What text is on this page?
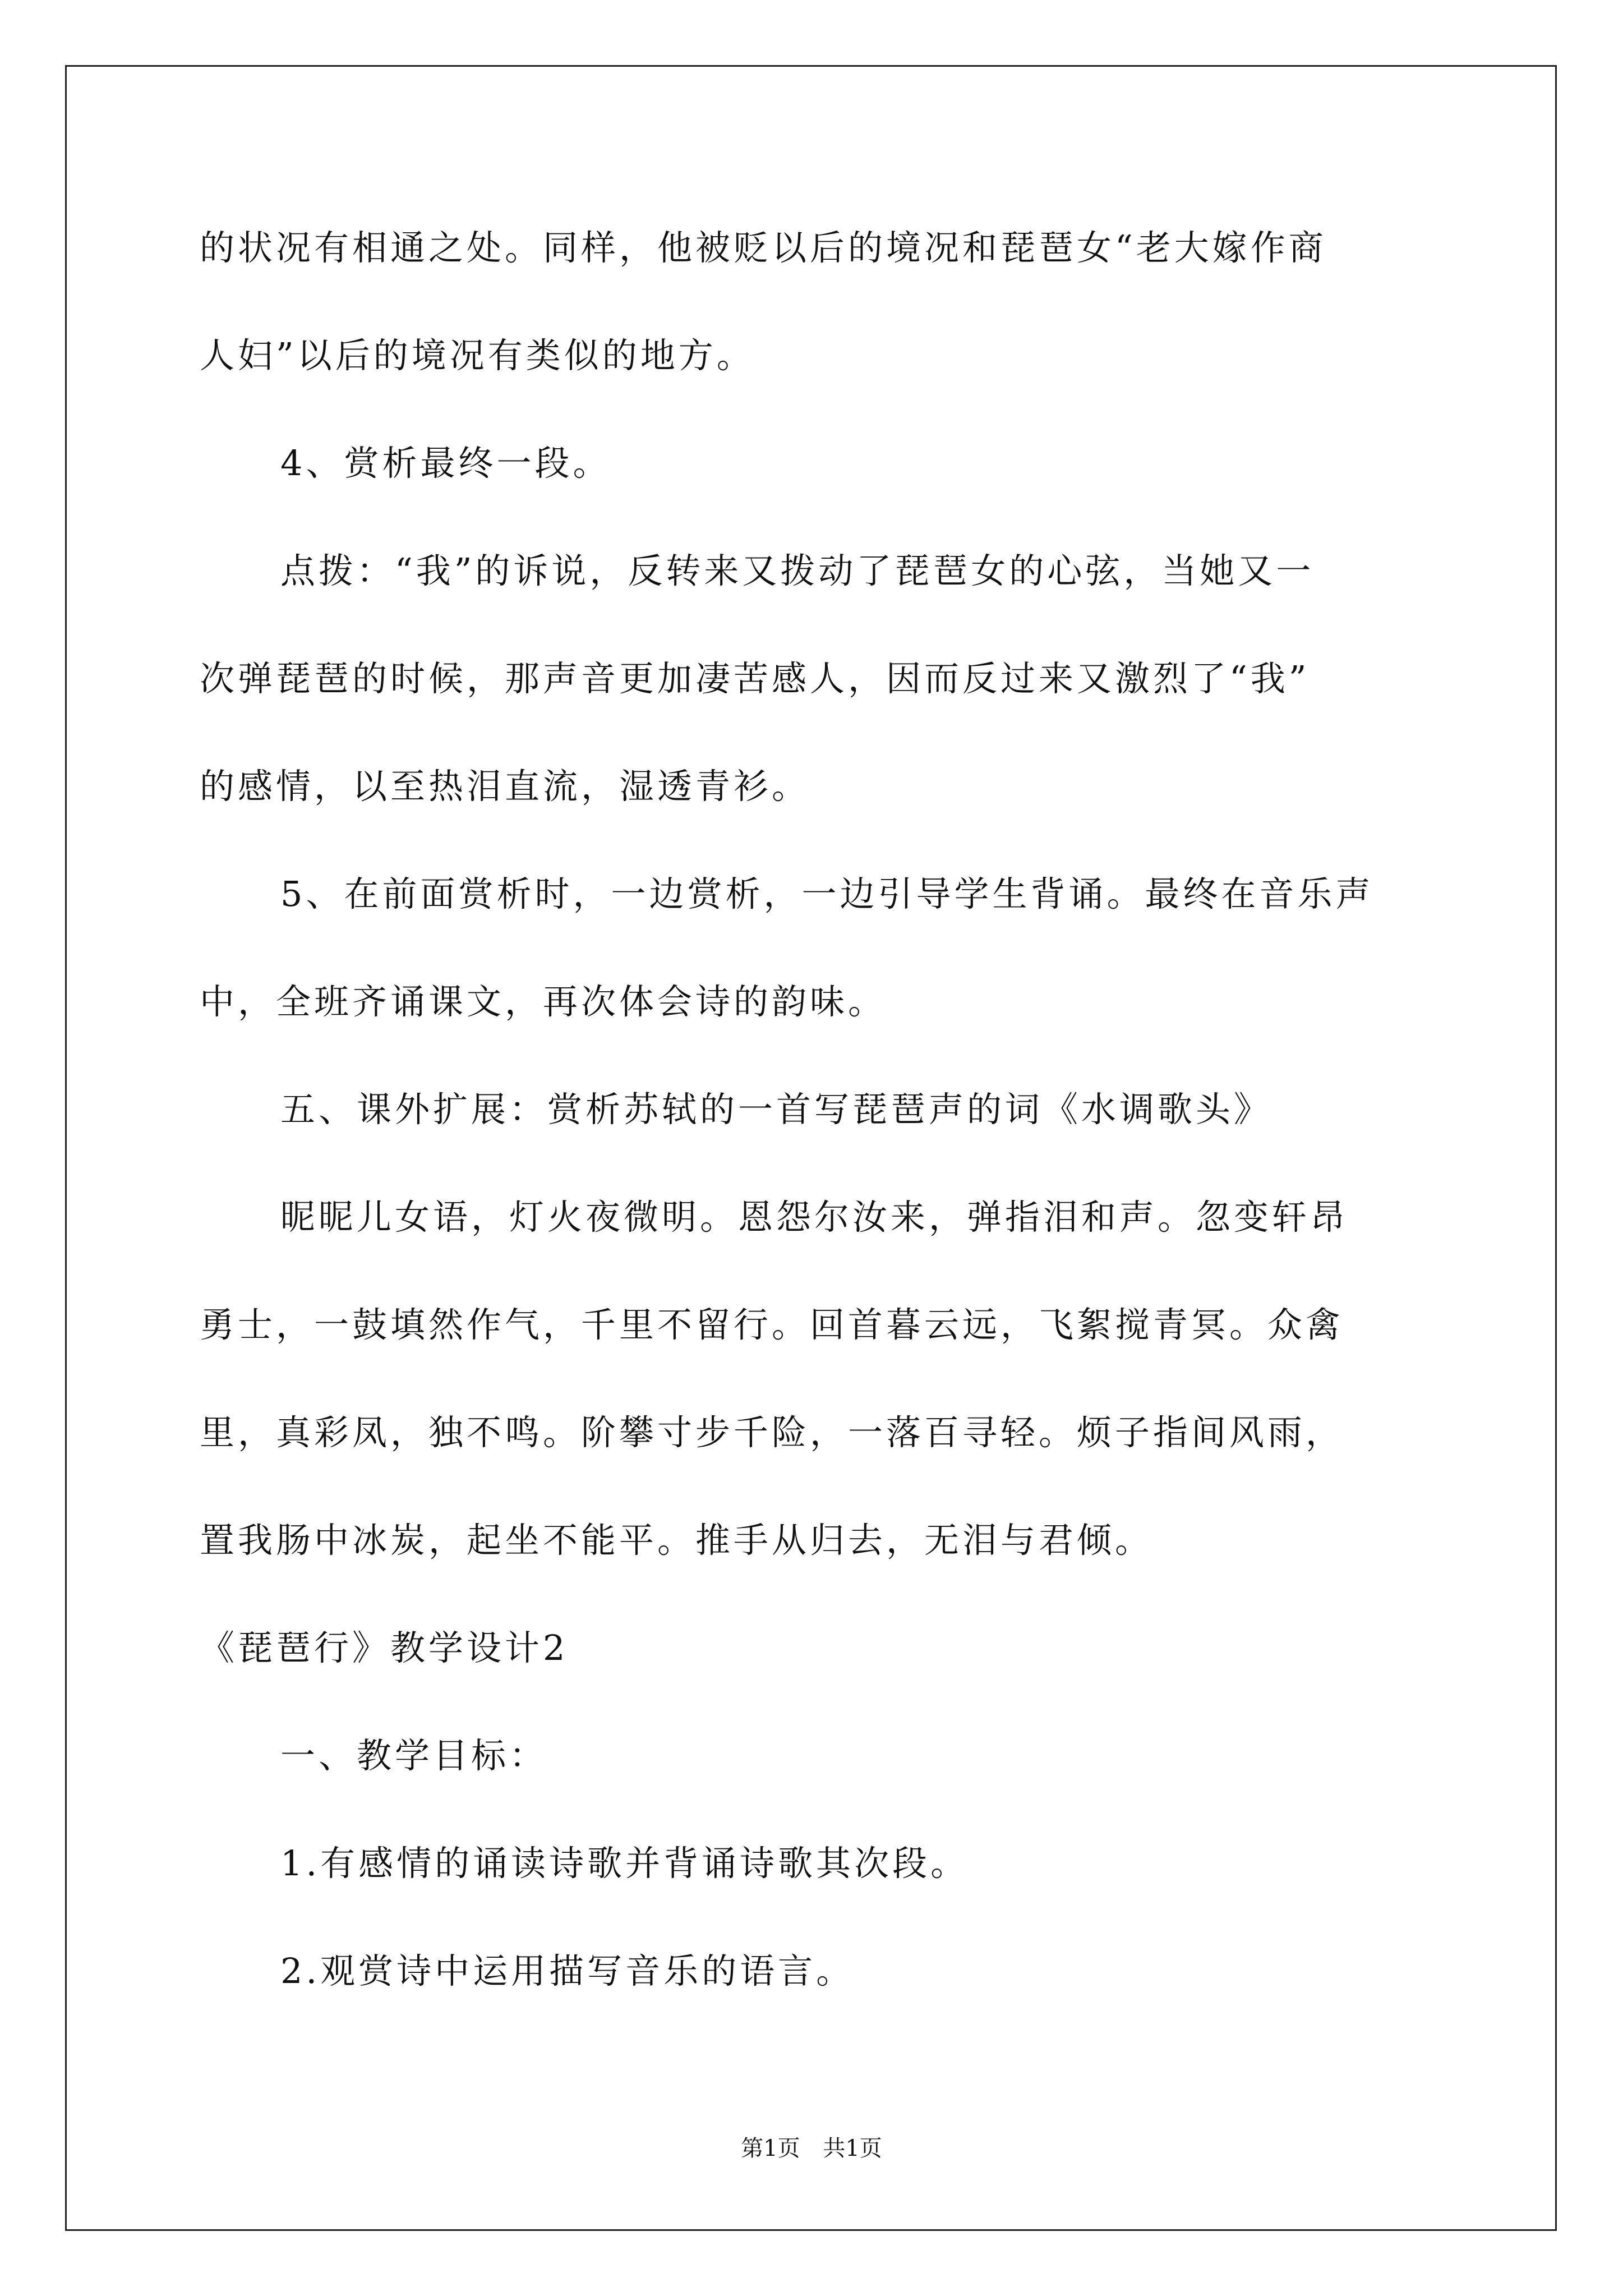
的状况有相通之处。同样，他被贬以后的境况和琵琶女“老大嫁作商
人妇”以后的境况有类似的地方。
4、赏析最终一段。
点拨：“我”的诉说，反转来又拨动了琵琶女的心弦，当她又一
次弹琵琶的时候，那声音更加凄苦感人，因而反过来又激烈了“我”
的感情，以至热泪直流，湿透青衫。
5、在前面赏析时，一边赏析，一边引导学生背诵。最终在音乐声
中，全班齐诵课文，再次体会诗的韵味。
五、课外扩展：赏析苏轼的一首写琵琶声的词《水调歌头》
昵昵儿女语，灯火夜微明。恩怨尔汝来，弹指泪和声。忽变轩昂
勇士，一鼓填然作气，千里不留行。回首暮云远，飞絮搅青冥。众禽
里，真彩凤，独不鸣。阶攀寸步千险，一落百寻轻。烦子指间风雨，
置我肠中冰炭，起坐不能平。推手从归去，无泪与君倾。
《琵琶行》教学设计2
一、教学目标：
1.有感情的诵读诗歌并背诵诗歌其次段。
2.观赏诗中运用描写音乐的语言。
第1页 共1页
